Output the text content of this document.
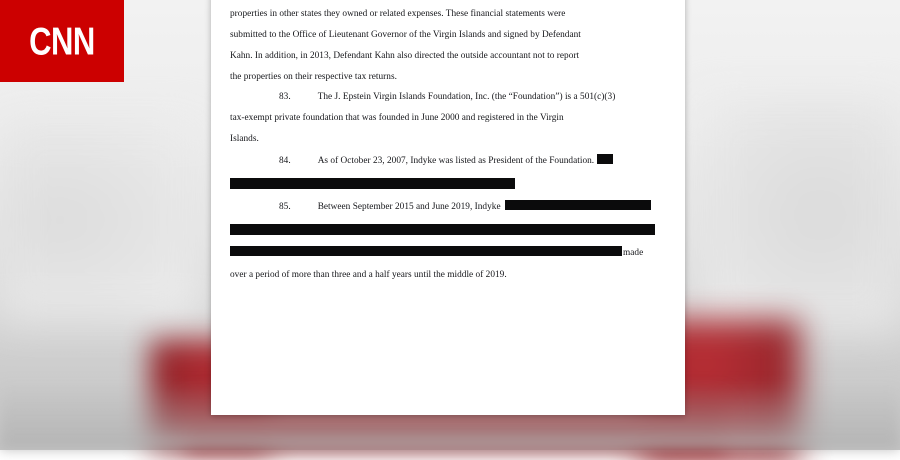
CNN
properties in other states they owned or related expenses. These financial statements were
submitted to the Office of Lieutenant Governor of the Virgin Islands and signed by Defendant
Kahn. In addition, in 2013, Defendant Kahn also directed the outside accountant not to report
the properties on their respective tax returns.
83.	The J. Epstein Virgin Islands Foundation, Inc. (the “Foundation”) is a 501(c)(3)
tax-exempt private foundation that was founded in June 2000 and registered in the Virgin
Islands.
84.	As of October 23, 2007, Indyke was listed as President of the Foundation.
85.	Between September 2015 and June 2019, Indyke
made
over a period of more than three and a half years until the middle of 2019.
